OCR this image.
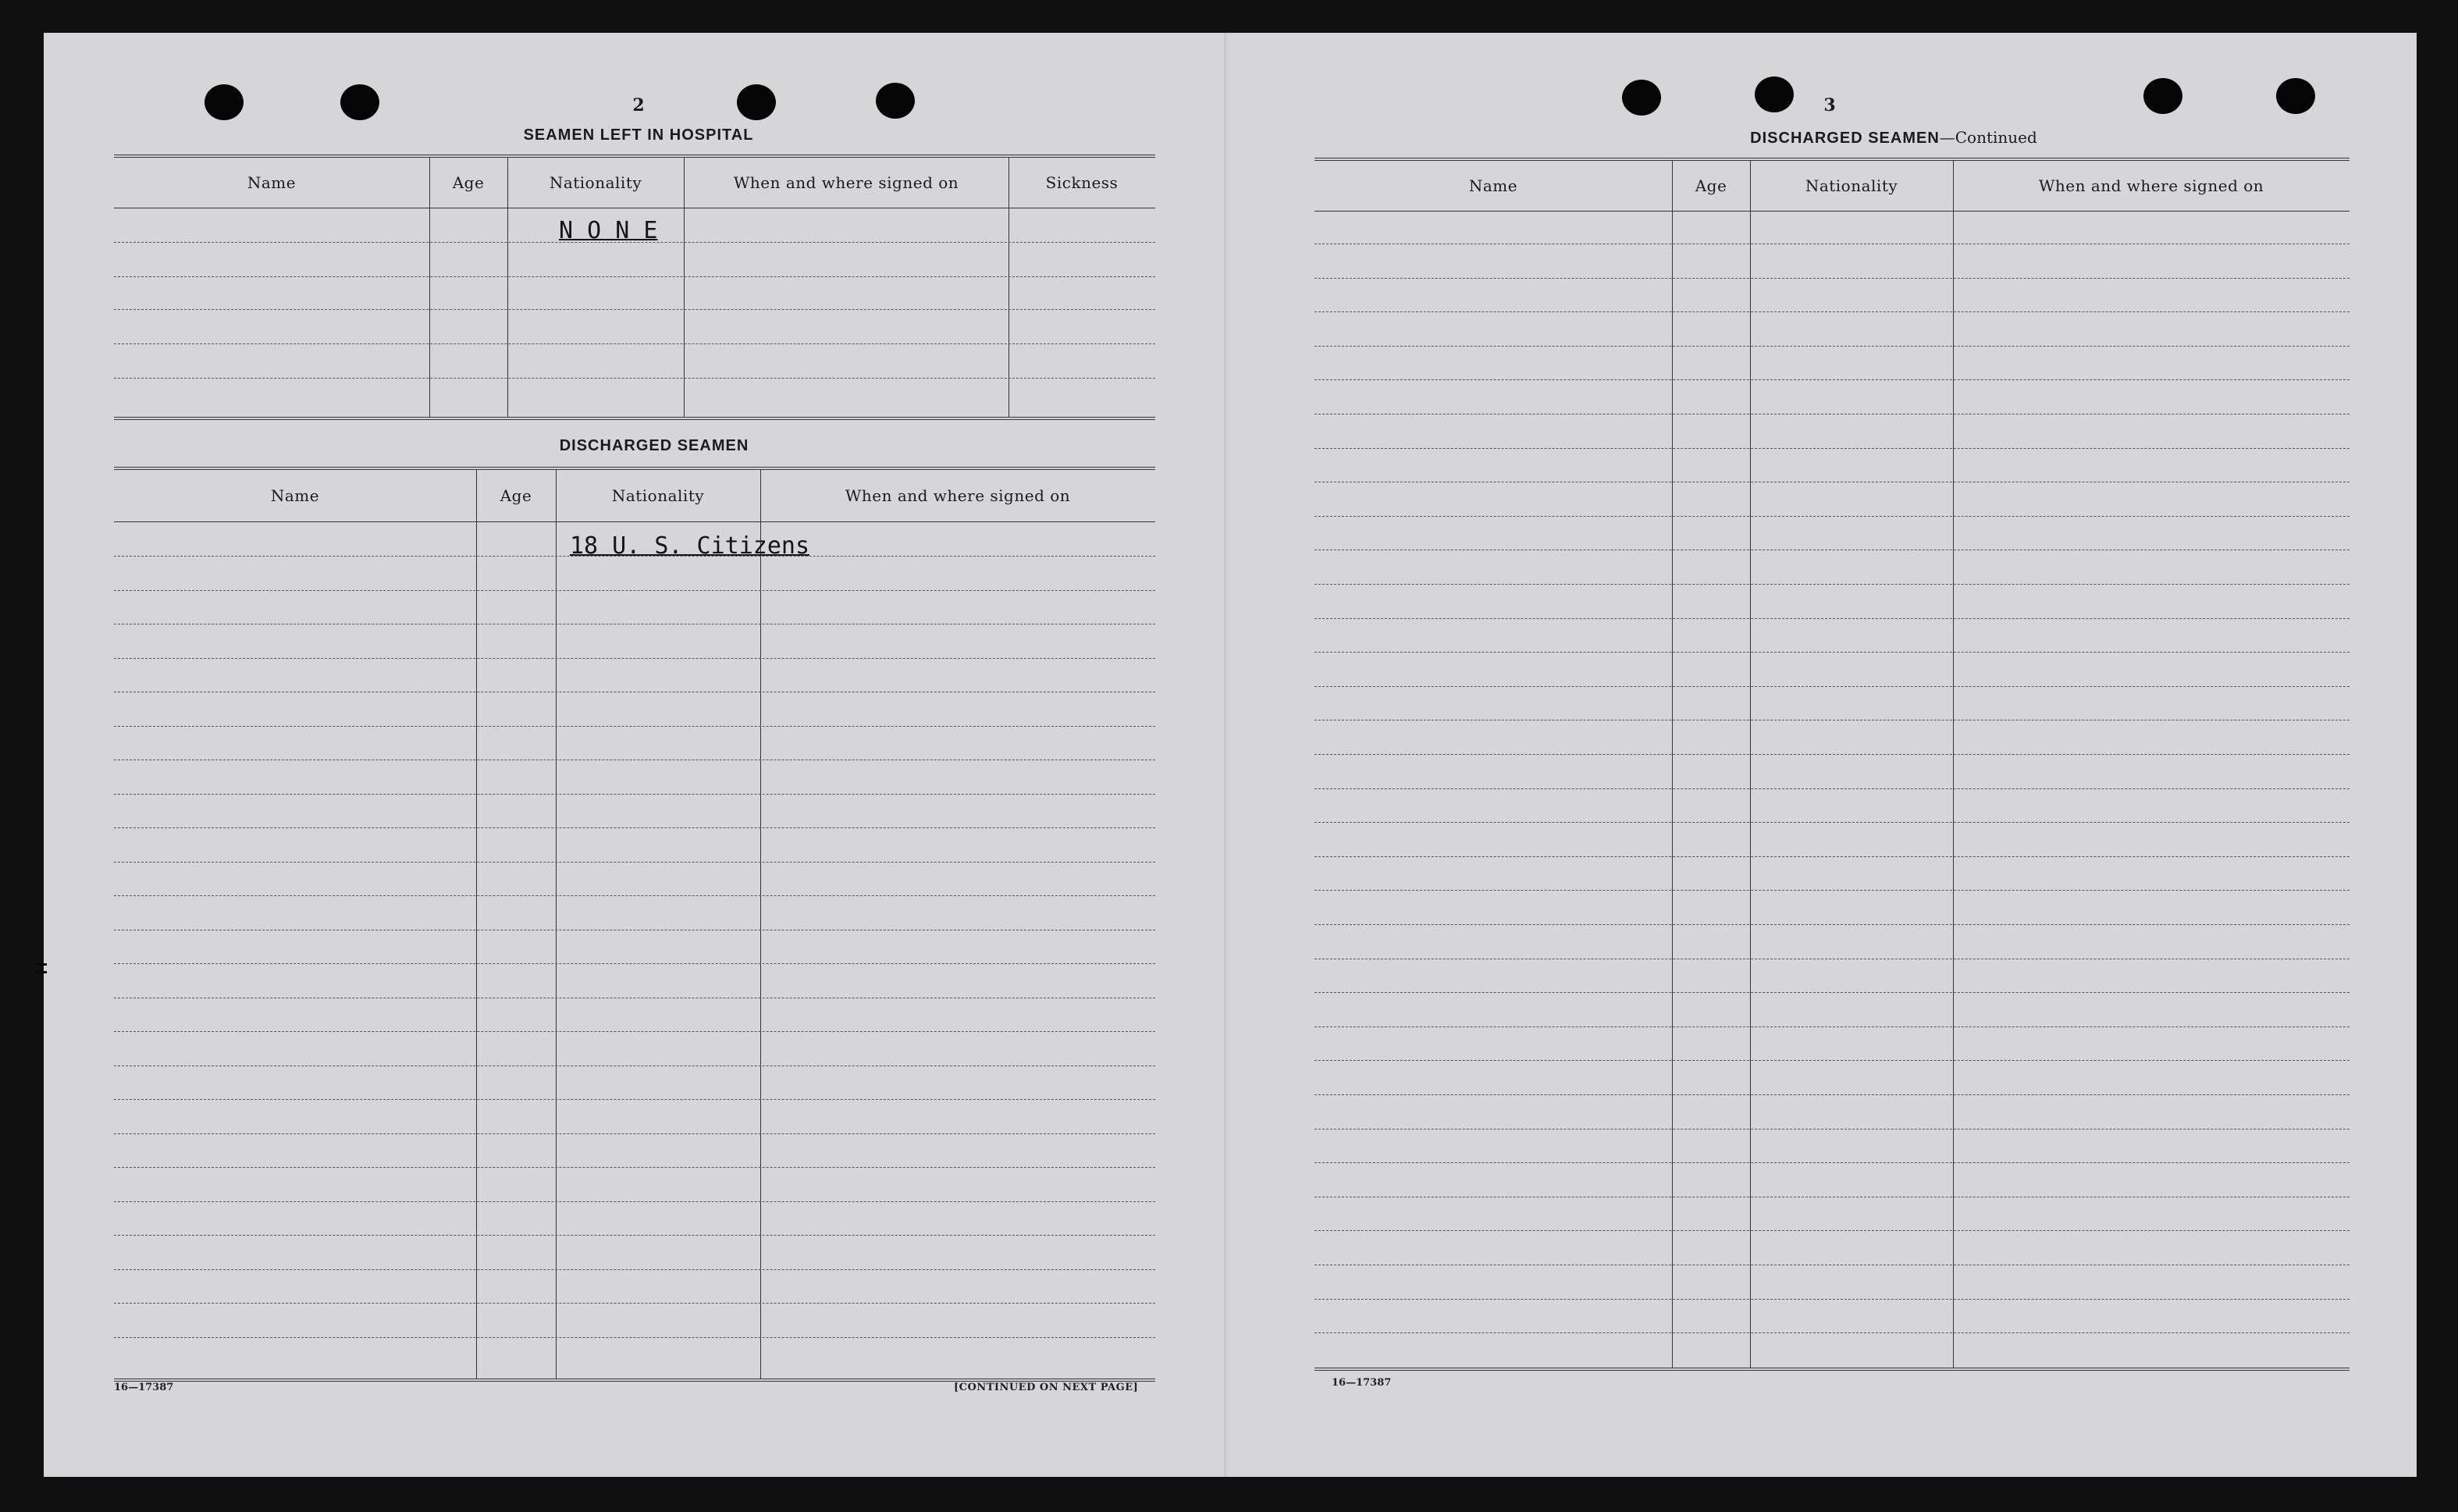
2
SEAMEN LEFT IN HOSPITAL
Name	Age	Nationality	When and where signed on	Sickness
N O N E
DISCHARGED SEAMEN
Name	Age	Nationality	When and where signed on
18 U. S. Citizens
16—17387	[CONTINUED ON NEXT PAGE]
3
DISCHARGED SEAMEN—Continued
Name	Age	Nationality	When and where signed on
16—17387
